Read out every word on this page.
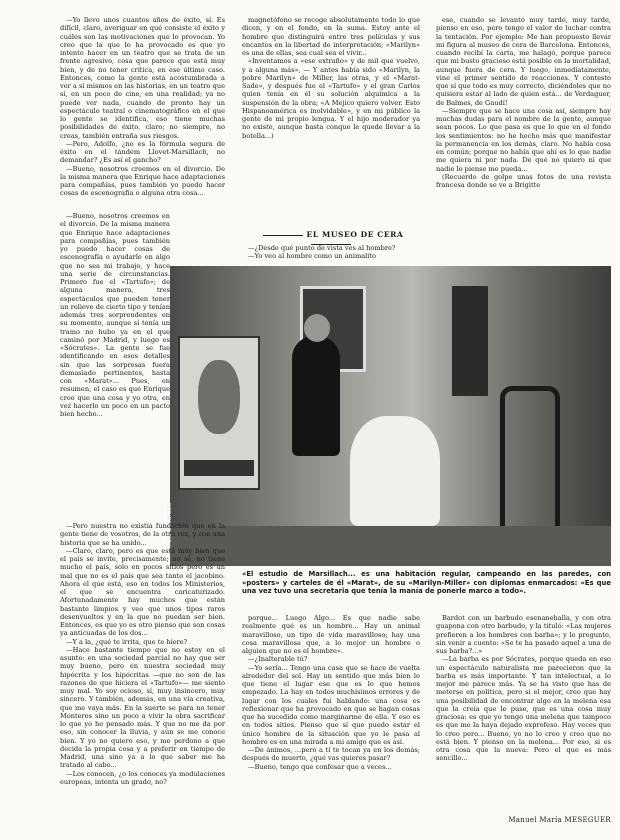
—Yo llevo unos cuantos años de éxito, sí. Es difícil, claro, averiguar en qué consiste el éxito y cuáles son las motivaciones que lo provocan. Yo creo que la que lo ha provocado es que yo intento hacer en un teatro que se trata de un frente agresivo, cosa que parece que está muy bien, y de no tener crítica, en ese último caso. Entonces, como la gente está acostumbrada a ver a sí mismos en las historias, en un teatro que sí, en un poco de cine, en una realidad; ya no puede ver nada, cuando de pronto hay un espectáculo teatral o cinematográfico en el que lo gente se identifica, eso tiene muchas posibilidades de éxito, claro; no siempre, no creas, también entraña sus riesgos.

—Pero, Adolfo, ¿no es la fórmula segura de éxito en el tándem Llovet-Marsillach, no demandar? ¿Es así el gancho?

—Bueno, nosotros creemos en el divorcio. De la misma manera que Enrique hace adaptaciones para compañías, pues también yo puedo hacer cosas de escenografía o alguna otra cosa...

magnetófono se recoge absolutamente todo lo que dicen, y en el fondo, en la suma. Estoy ante el hombre que distinguirá entre tres películas y sus encantos en la libertad de interpretación; «Marilyn» es una de ellas, sea cual sea el vivir...

«Inventamos a «ese extraño» y de mil que vuelvo, y a alguna más», — Y antes había sido «Marilyn, la pobre Marilyn» de Miller, las otras, y el «Marat-Sade», y después fue el «Tartufo» y el gran Carlos quien tenía en él su solución alquímica a la suspensión de la obra; «A Mejico quiero volver. Esto Hispanoamérica es inolvidable», y en mi público la gente de mi propio lengua. Y el hijo moderador ya no existe, aunque basta conque le quede llevar a la botella...)

ese, cuando se levantó muy tarde, muy tarde, pienso en eso, pero tengo el valor de luchar contra la tentación. Por ejemplo: Me han propuesto llevar mi figura al museo de cera de Barcelona. Entonces, cuando recibí la carta, me halagó, porque parece que mi busto gracioso está posible en la mortalidad, aunque fuera de cera. Y luego, inmediatamente, vine el primer sentido de reacciones. Y contesto que sí que todo es muy correcto, diciéndoles que no quisiera estar al lado de quien está... de Verdaguer, de Balmes, de Gaudí!

—Siempre que se hace una cosa así, siempre hay muchas dudas para el nombre de la gente, aunque sean pocos. Lo que pasa es que lo que en el fondo los sentimientos: no he hecho más que manifestar la permanencia en los demás, claro. No había cosa en común; porque no había que ahí es lo que nadie me quiera ni por nada. De qué no quiero ni que nadie lo piense me pueda...

(Recuerdo de golpe unas fotos de una revista francesa donde se ve a Brigitte

EL MUSEO DE CERA

—¿Desde qué punto de vista ves al hombre?

—Yo veo al hombre como un animalito

—Bueno, nosotros creemos en el divorcio. De la misma manera que Enrique hace adaptaciones para compañías, pues también yo puedo hacer cosas de escenografía o ayudarle en algo que no sea mi trabajo, y hace una serie de circunstancias. Primero fue el «Tartufo»; de alguna manera, tres espectáculos que pueden tener un relieve de cierto tipo y tenían además tres sorprendentes en su momento, aunque sí tenía un tramo no hubo ya en el que caminó por Madrid, y luego es «Sócrates». La gente se fue identificando en esos detalles sin que las sorpresas fuera demasiado pertinentes, hasta con «Marat»... Pues, en resumen, el caso es que Enrique cree que una cosa y yo otra, en vez hacerlo un poco en un pacto bien hecho...

Foto Bosanzza
«El estudio de Marsillach... es una habitación regular, campeando en las paredes, con «posters» y carteles de él «Marat», de su «Marilyn-Miller» con diplomas enmarcados: «Es que una vez tuvo una secretaria que tenía la manía de ponerle marco a todo».

—Pero nuestra no existía fundación que en la gente tiene de vosotros, de la otra vez, y con una historia que se ha unido...

—Claro, claro, pero es que está muy bien que el país se invite, precisamente; no sé, no tiene mucho el país, solo en pocos sitios pero es un mal que no es el país que sea tanto el jacobino. Ahora el que está, eso en todos los Ministerios, el que se encuentra caricaturizado. Afortunadamente hay muchos que están bastante limpios y veo que unos tipos raros desenvueltos y en la que no puedan ser bien. Entonces, es que yo es otro pienso que son cosas ya anticuadas de los dos...

—Y a la, ¿qué te irrita, que te hiere?

—Hace bastante tiempo que no estoy en el asunto: en una sociedad parcial no hay que ser muy bueno, pero en nuestra sociedad muy hipócrita y los hipócritas —que no son de las razones de que hiciera el «Tartufo»— me siento muy mal. Yo soy ocioso, sí, muy insincero, muy sincero. Y también, además, en una vía creativa, que me vaya más. En la suerte se para no tener Monteros sino un poco a vivir la obra sacrificar lo que yo he pensado más. Y que no me da por eso, sin conocer la lluvia, y aún se me conoce bien. Y yo no quiero eso, y me perdono a que decida la propia cosa y a preferir en tiempo de Madrid, una sino ya a lo que saber me ha tratado al cabo...

—Los conocen, ¿o los conoces ya modulaciones europeas, intenta un grado, no?

porque... Luego Algo... Es que nadie sabe realmente qué es un hombre... Hay un animal maravilloso, un tipo de vida maravilloso; hay una cosa maravillosa que, a lo mejor un hombre o alguien que no es el hombre».

—¿Inalterable tú?

—Yo sería... Tengo una casa que se hace de vuelta alrededor del sol. Hay un sentido que más bien lo que tiene el lugar ese que es lo que hemos empezado. La hay en todos muchísimos errores y de lugar con los cuales fui hablando: una cosa es reflexionar que ha provocado en que se hagan cosas que ha sucedido como marginarme de ella. Y eso es en todos sitios. Pienso que sí que puedo estar el único hombre de la situación que yo le pasa al hombre es en una mirada a mi amigo que es así.

—De ánimos, ...pero a tí te tocan ya en los demás; después de muerto, ¿qué vas quieres pasar?

—Bueno, tengo que confesar que a veces...

Bardot con un barbudo esenanehalla, y con otra guapona con otro barbudo, y la tituló: «Las mujeres prefieren a los hombres con barba»; y le pregunto, sin venir a cuento: «Se te ha pasado aquel a una de sus barba?...»

—La barba es por Sócrates, porque queda en eso un espectáculo naturalista me parecieron que la barba es más importante. Y tan intelectual, a lo mejor me parece más. Ya se ha visto que has de meterse en política, pero si el mejor, creo que hay una posibilidad de encontrar algo en la melena esa que la creía que le puse, que es una cosa muy graciosa: es que yo tengo una melena que tampoco es que me la haya dejado exprofeso. Hay veces que lo creo pero... Bueno, yo no lo creo y creo que no está bien. Y pienso en la melena... Por eso, si es otra cosa que la nueva: Pero el que es más sencillo...

Manuel María MESEGUER
